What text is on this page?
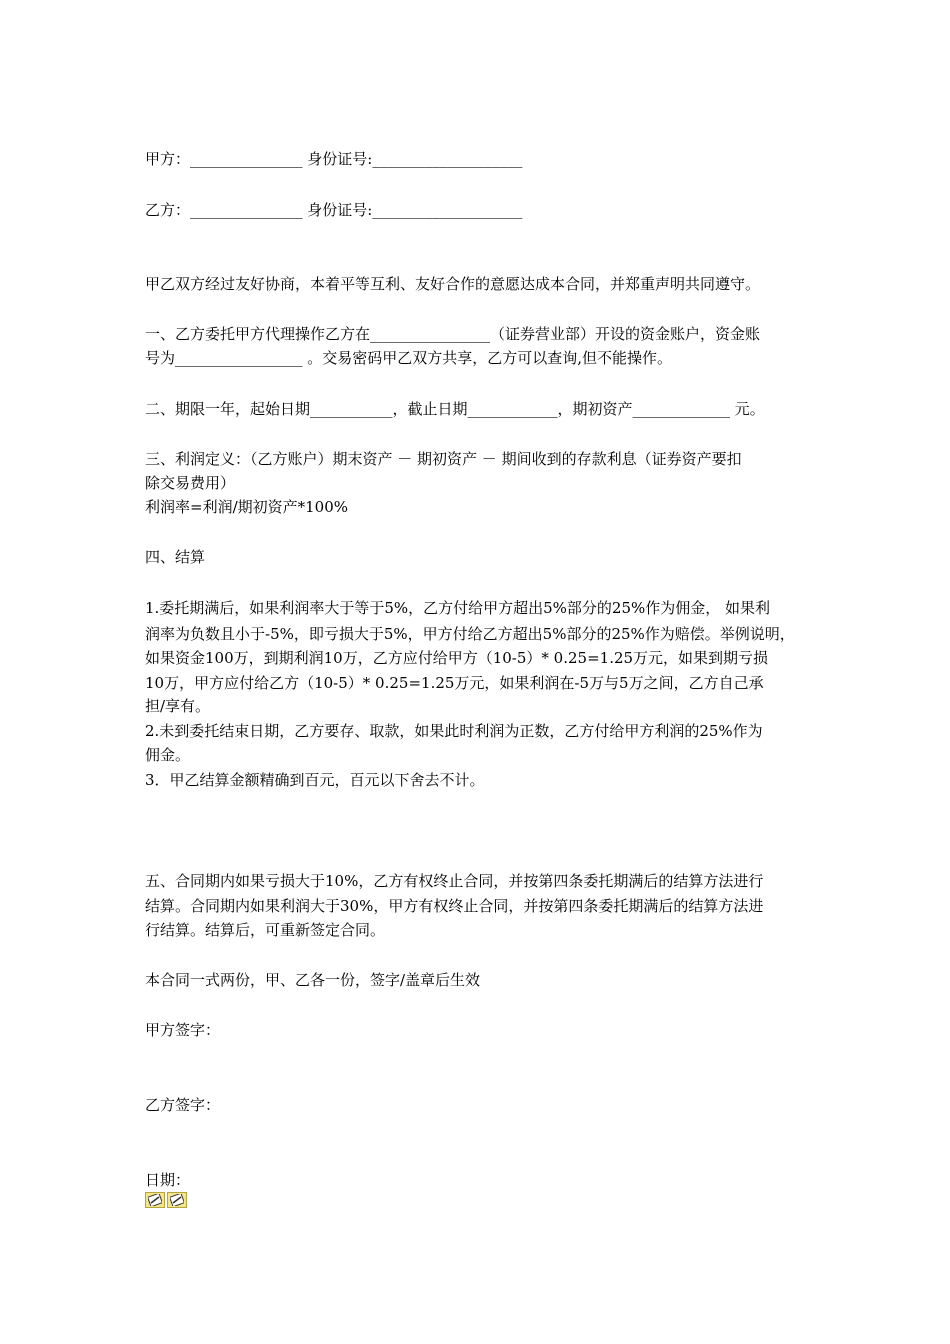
甲方：_______________ 身份证号:____________________
乙方：_______________ 身份证号:____________________
甲乙双方经过友好协商，本着平等互利、友好合作的意愿达成本合同，并郑重声明共同遵守。
一、乙方委托甲方代理操作乙方在________________（证券营业部）开设的资金账户，资金账
号为_________________ 。交易密码甲乙双方共享，乙方可以查询,但不能操作。
二、期限一年，起始日期___________，截止日期____________，期初资产_____________ 元。
三、利润定义：（乙方账户）期末资产 － 期初资产 － 期间收到的存款利息（证券资产要扣
除交易费用）
利润率=利润/期初资产*100%
四、结算
1.委托期满后，如果利润率大于等于5%，乙方付给甲方超出5%部分的25%作为佣金， 如果利
润率为负数且小于-5%，即亏损大于5%，甲方付给乙方超出5%部分的25%作为赔偿。举例说明，
如果资金100万，到期利润10万，乙方应付给甲方（10-5）* 0.25=1.25万元，如果到期亏损
10万，甲方应付给乙方（10-5）* 0.25=1.25万元，如果利润在-5万与5万之间，乙方自己承
担/享有。
2.未到委托结束日期，乙方要存、取款，如果此时利润为正数，乙方付给甲方利润的25%作为
佣金。
3．甲乙结算金额精确到百元，百元以下舍去不计。
五、合同期内如果亏损大于10%，乙方有权终止合同，并按第四条委托期满后的结算方法进行
结算。合同期内如果利润大于30%，甲方有权终止合同，并按第四条委托期满后的结算方法进
行结算。结算后，可重新签定合同。
本合同一式两份，甲、乙各一份，签字/盖章后生效
甲方签字：
乙方签字：
日期：
